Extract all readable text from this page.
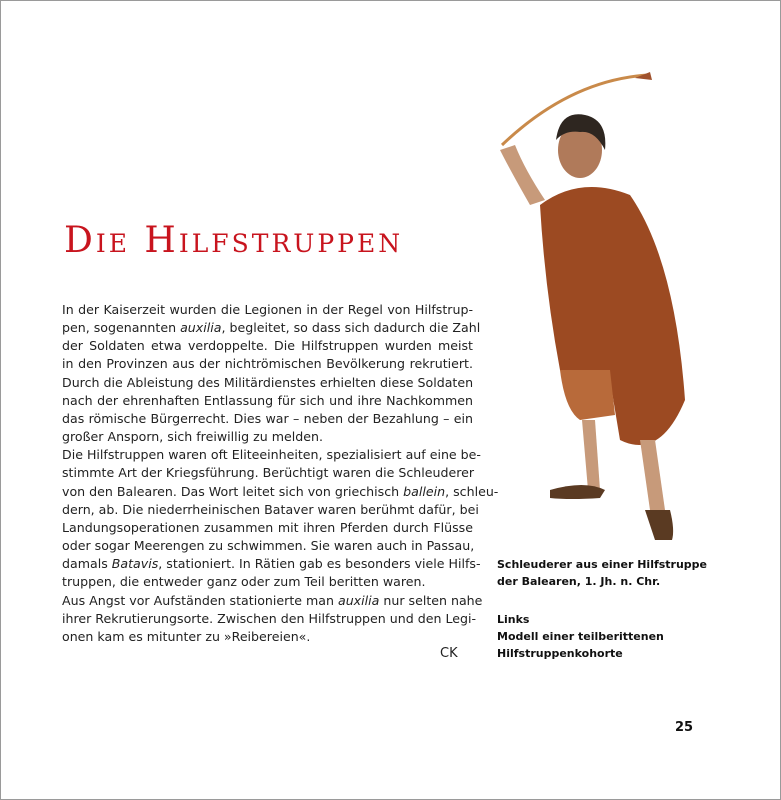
Die Hilfstruppen
In der Kaiserzeit wurden die Legionen in der Regel von Hilfstrup-
pen, sogenannten auxilia, begleitet, so dass sich dadurch die Zahl
der Soldaten etwa verdoppelte. Die Hilfstruppen wurden meist
in den Provinzen aus der nichtrömischen Bevölkerung rekrutiert.
Durch die Ableistung des Militärdienstes erhielten diese Soldaten
nach der ehrenhaften Entlassung für sich und ihre Nachkommen
das römische Bürgerrecht. Dies war – neben der Bezahlung – ein
großer Ansporn, sich freiwillig zu melden.
Die Hilfstruppen waren oft Eliteeinheiten, spezialisiert auf eine be-
stimmte Art der Kriegsführung. Berüchtigt waren die Schleuderer
von den Balearen. Das Wort leitet sich von griechisch ballein, schleu-
dern, ab. Die niederrheinischen Bataver waren berühmt dafür, bei
Landungsoperationen zusammen mit ihren Pferden durch Flüsse
oder sogar Meerengen zu schwimmen. Sie waren auch in Passau,
damals Batavis, stationiert. In Rätien gab es besonders viele Hilfs-
truppen, die entweder ganz oder zum Teil beritten waren.
Aus Angst vor Aufständen stationierte man auxilia nur selten nahe
ihrer Rekrutierungsorte. Zwischen den Hilfstruppen und den Legi-
onen kam es mitunter zu »Reibereien«.
CK
Schleuderer aus einer Hilfstruppe
der Balearen, 1. Jh. n. Chr.
Links
Modell einer teilberittenen
Hilfstruppenkohorte
25
